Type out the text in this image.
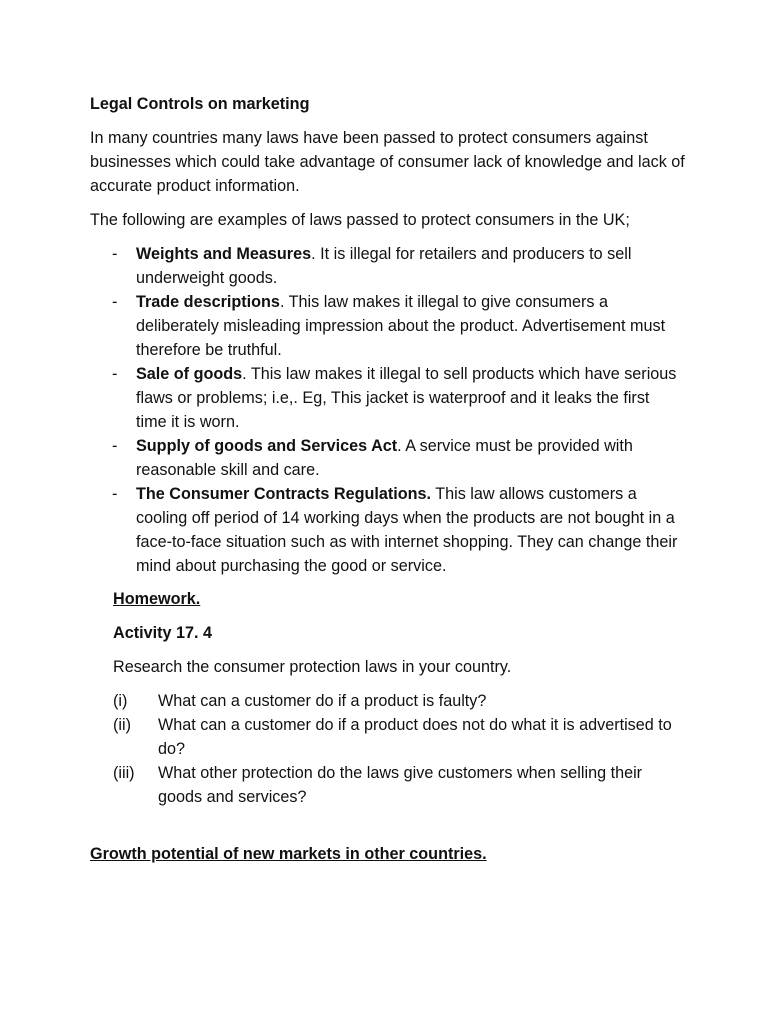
Legal Controls on marketing

In many countries many laws have been passed to protect consumers against businesses which could take advantage of consumer lack of knowledge and lack of accurate product information.

The following are examples of laws passed to protect consumers in the UK;

- Weights and Measures. It is illegal for retailers and producers to sell underweight goods.
- Trade descriptions. This law makes it illegal to give consumers a deliberately misleading impression about the product. Advertisement must therefore be truthful.
- Sale of goods. This law makes it illegal to sell products which have serious flaws or problems; i.e,. Eg, This jacket is waterproof and it leaks the first time it is worn.
- Supply of goods and Services Act. A service must be provided with reasonable skill and care.
- The Consumer Contracts Regulations. This law allows customers a cooling off period of 14 working days when the products are not bought in a face-to-face situation such as with internet shopping. They can change their mind about purchasing the good or service.

Homework.

Activity 17. 4

Research the consumer protection laws in your country.

(i) What can a customer do if a product is faulty?
(ii) What can a customer do if a product does not do what it is advertised to do?
(iii) What other protection do the laws give customers when selling their goods and services?
Growth potential of new markets in other countries.
